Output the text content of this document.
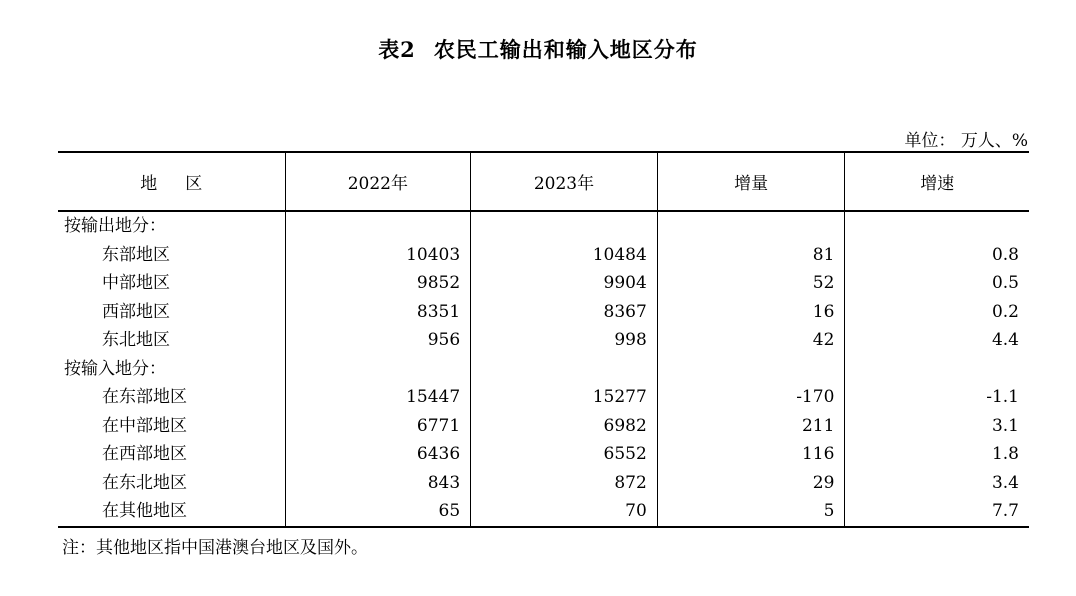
表2 农民工输出和输入地区分布
单位： 万人、%
地 区	2022年	2023年	增量	增速
按输出地分：				
东部地区	10403	10484	81	0.8
中部地区	9852	9904	52	0.5
西部地区	8351	8367	16	0.2
东北地区	956	998	42	4.4
按输入地分：				
在东部地区	15447	15277	-170	-1.1
在中部地区	6771	6982	211	3.1
在西部地区	6436	6552	116	1.8
在东北地区	843	872	29	3.4
在其他地区	65	70	5	7.7
注：其他地区指中国港澳台地区及国外。
